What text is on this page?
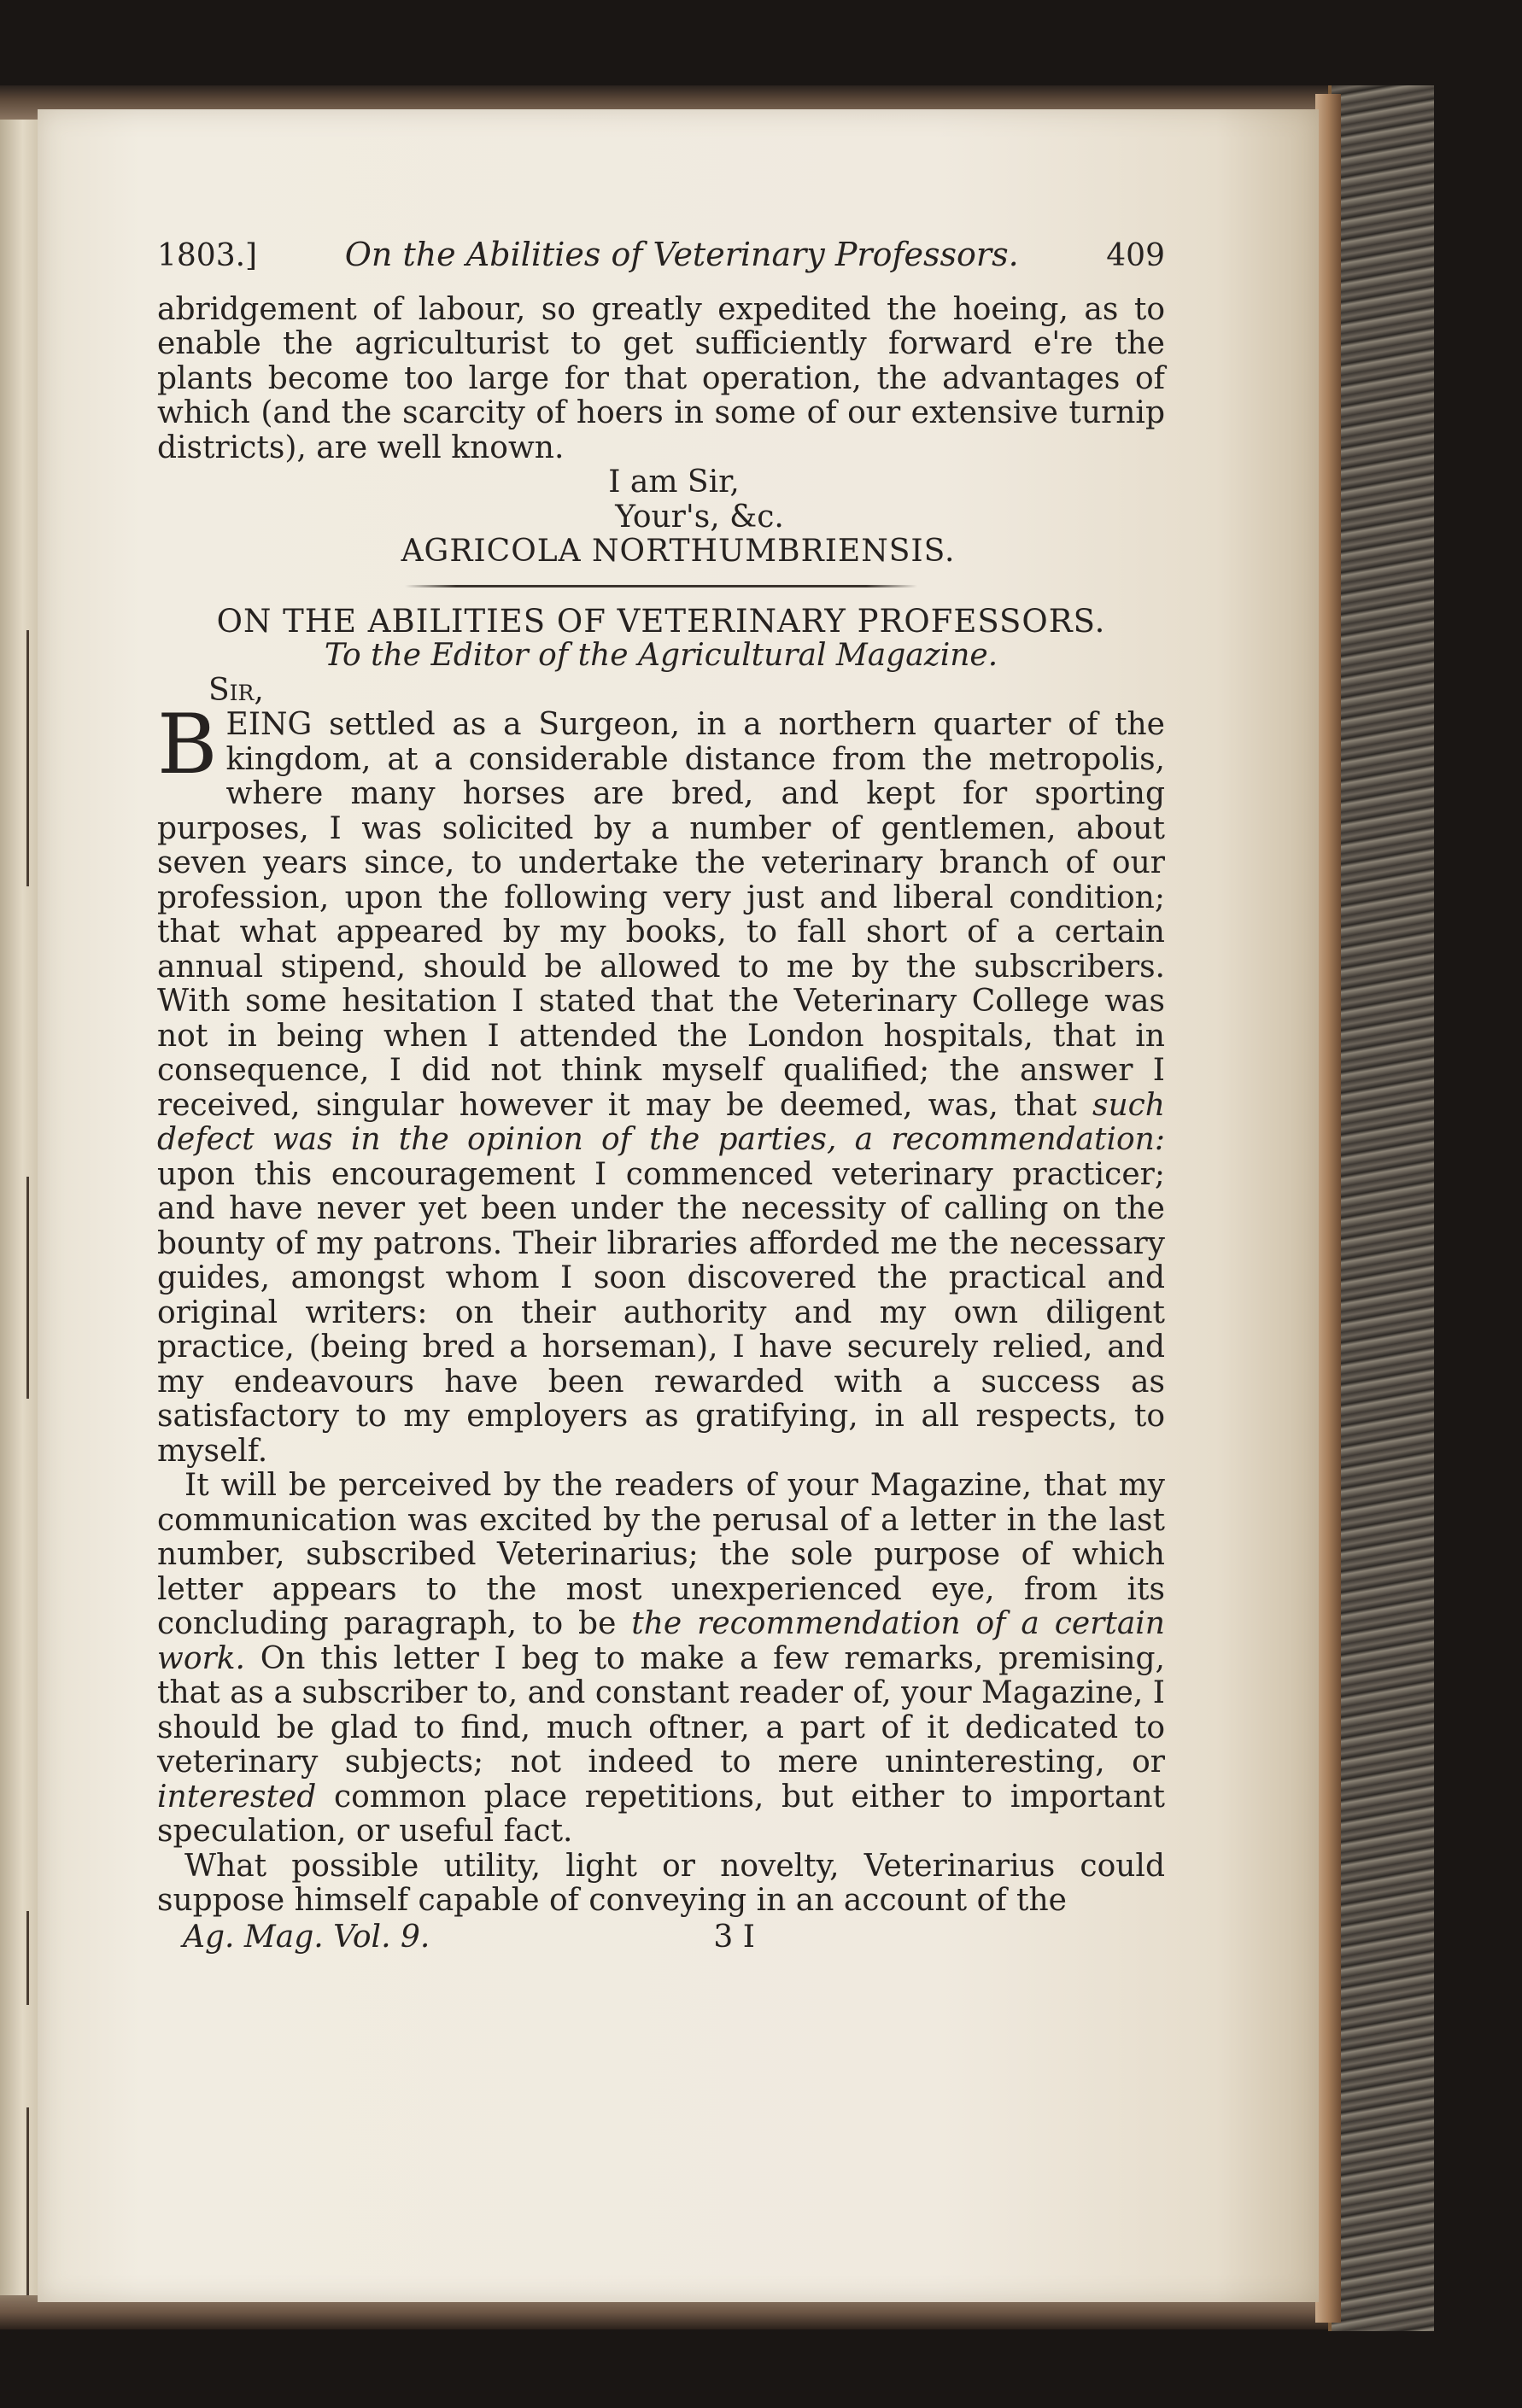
1803.]	On the Abilities of Veterinary Professors.	409

abridgement of labour, so greatly expedited the hoeing, as to enable the agriculturist to get sufficiently forward e're the plants become too large for that operation, the advantages of which (and the scarcity of hoers in some of our extensive turnip districts), are well known.

I am Sir,

Your's, &c.

AGRICOLA NORTHUMBRIENSIS.

ON THE ABILITIES OF VETERINARY PROFESSORS.

To the Editor of the Agricultural Magazine.

Sir,

BEING settled as a Surgeon, in a northern quarter of the kingdom, at a considerable distance from the metropolis, where many horses are bred, and kept for sporting purposes, I was solicited by a number of gentlemen, about seven years since, to undertake the veterinary branch of our profession, upon the following very just and liberal condition; that what appeared by my books, to fall short of a certain annual stipend, should be allowed to me by the subscribers. With some hesitation I stated that the Veterinary College was not in being when I attended the London hospitals, that in consequence, I did not think myself qualified; the answer I received, singular however it may be deemed, was, that such defect was in the opinion of the parties, a recommendation: upon this encouragement I commenced veterinary practicer; and have never yet been under the necessity of calling on the bounty of my patrons. Their libraries afforded me the necessary guides, amongst whom I soon discovered the practical and original writers: on their authority and my own diligent practice, (being bred a horseman), I have securely relied, and my endeavours have been rewarded with a success as satisfactory to my employers as gratifying, in all respects, to myself.

It will be perceived by the readers of your Magazine, that my communication was excited by the perusal of a letter in the last number, subscribed Veterinarius; the sole purpose of which letter appears to the most unexperienced eye, from its concluding paragraph, to be the recommendation of a certain work. On this letter I beg to make a few remarks, premising, that as a subscriber to, and constant reader of, your Magazine, I should be glad to find, much oftner, a part of it dedicated to veterinary subjects; not indeed to mere uninteresting, or interested common place repetitions, but either to important speculation, or useful fact.

What possible utility, light or novelty, Veterinarius could suppose himself capable of conveying in an account of the

Ag. Mag. Vol. 9.	3 I
